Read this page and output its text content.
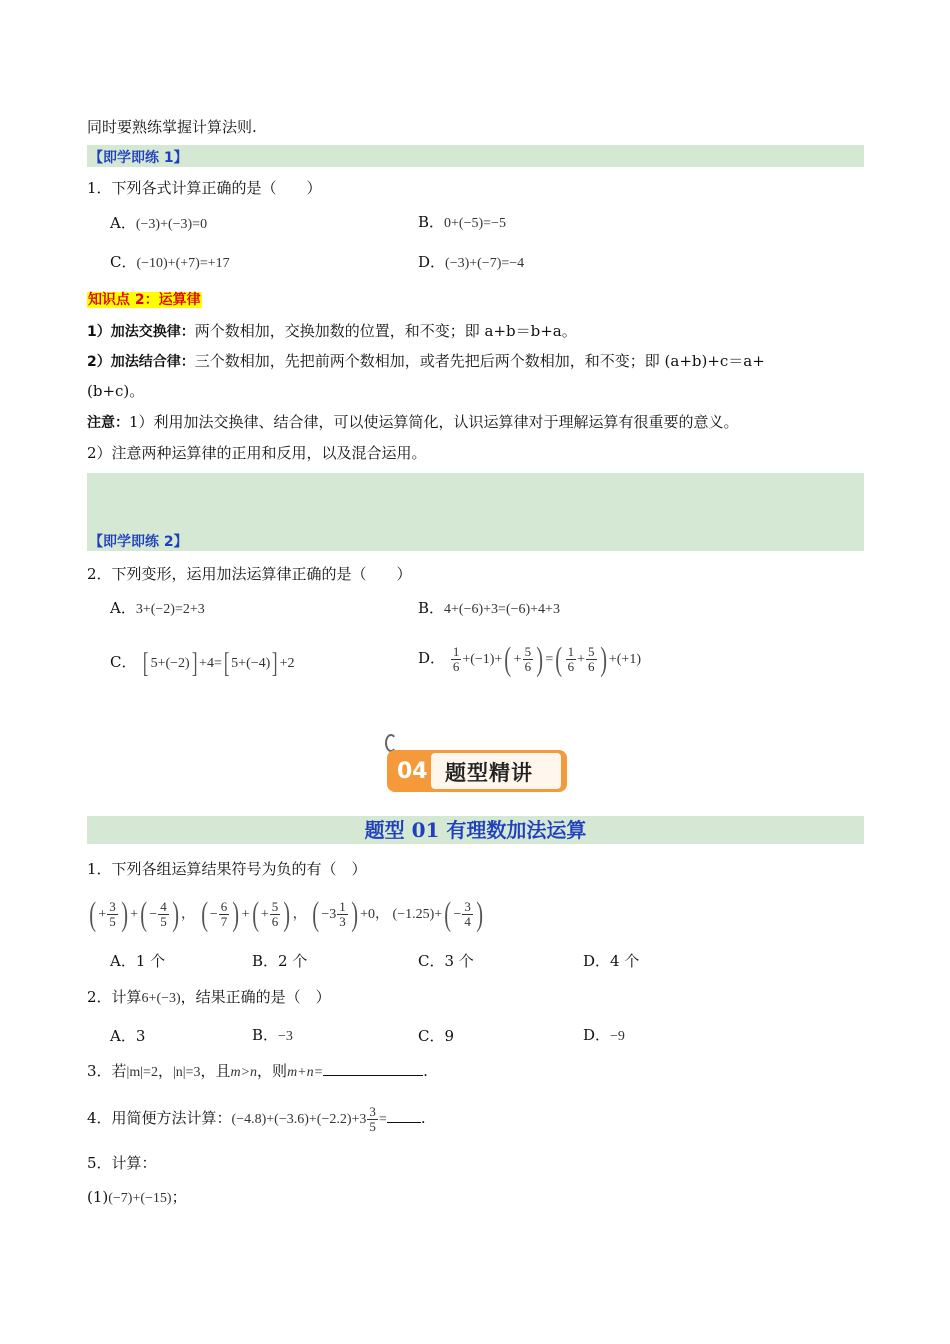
同时要熟练掌握计算法则.
【即学即练 1】
1．下列各式计算正确的是（　　）
A．(−3)+(−3)=0	B．0+(−5)=−5
C．(−10)+(+7)=+17	D．(−3)+(−7)=−4
知识点 2：运算律
1）加法交换律：两个数相加，交换加数的位置，和不变；即 a+b＝b+a。
2）加法结合律：三个数相加，先把前两个数相加，或者先把后两个数相加，和不变；即 (a+b)+c＝a+
(b+c)。
注意：1）利用加法交换律、结合律，可以使运算简化，认识运算律对于理解运算有很重要的意义。
2）注意两种运算律的正用和反用，以及混合运用。
【即学即练 2】
2．下列变形，运用加法运算律正确的是（　　）
A．3+(−2)=2+3	B．4+(−6)+3=(−6)+4+3
C． [ 5+(−2)] +4=[ 5+(−4)] +2	D． $\frac{1}{6} +(-1)+( + \frac{5}{6}$ ) =( $\frac{1}{6} + \frac{5}{6}$ ) +(+1)
04 题型精讲
题型 01 有理数加法运算
1．下列各组运算结果符号为负的有（　）
( + $\frac{3}{5}$ ) +( − $\frac{4}{5}$ ) ， ( − $\frac{6}{7}$ ) +( + $\frac{5}{6}$ ) ， ( $-3 \frac{1}{3}$ ) +0， $(-1.25)+( - \frac{3}{4}$ )
A．1 个	B．2 个	C．3 个	D．4 个
2．计算6+(−3)，结果正确的是（　）
A．3	B．−3	C．9	D．−9
3．若|m|=2，|n|=3，且m>n，则m+n=	.
4．用简便方法计算：$(-4.8)+(-3.6)+(-2.2)+3 \frac{3}{5}$ = .
5．计算：
(1)(−7)+(−15)；
